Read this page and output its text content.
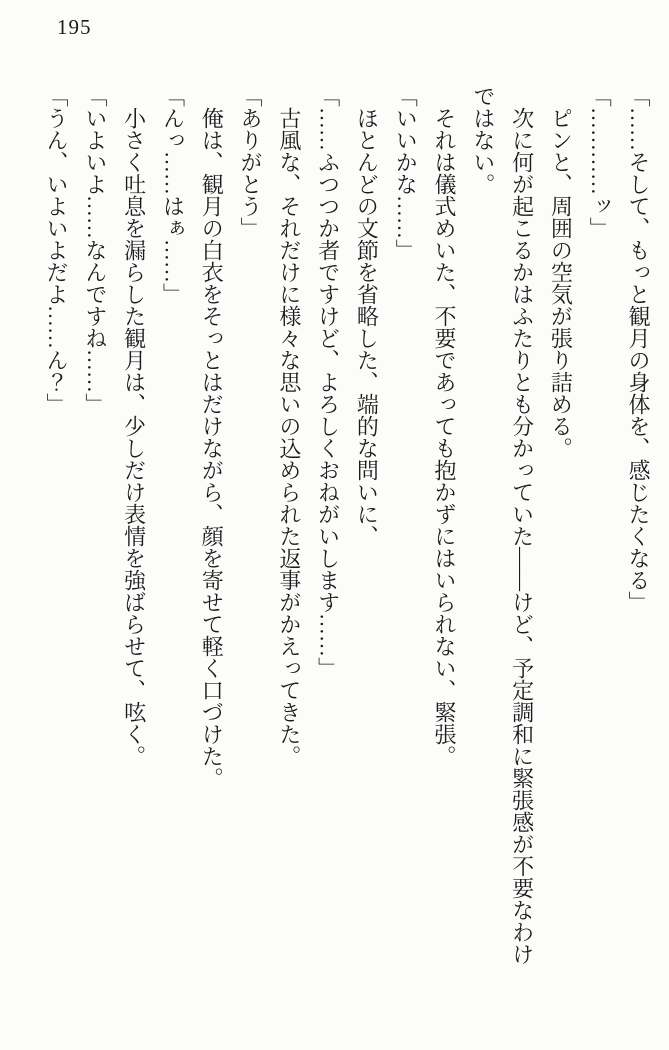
195

「……そして、もっと観月の身体を、感じたくなる」

「…………ッ」

ピンと、周囲の空気が張り詰める。

次に何が起こるかはふたりとも分かっていた――けど、予定調和に緊張感が不要なわけではない。

それは儀式めいた、不要であっても抱かずにはいられない、緊張。

「いいかな……」

ほとんどの文節を省略した、端的な問いに、

「……ふつつか者ですけど、よろしくおねがいします……」

古風な、それだけに様々な思いの込められた返事がかえってきた。

「ありがとう」

俺は、観月の白衣をそっとはだけながら、顔を寄せて軽く口づけた。

「んっ……はぁ……」

小さく吐息を漏らした観月は、少しだけ表情を強ばらせて、呟く。

「いよいよ……なんですね……」

「うん、いよいよだよ……ん？」
